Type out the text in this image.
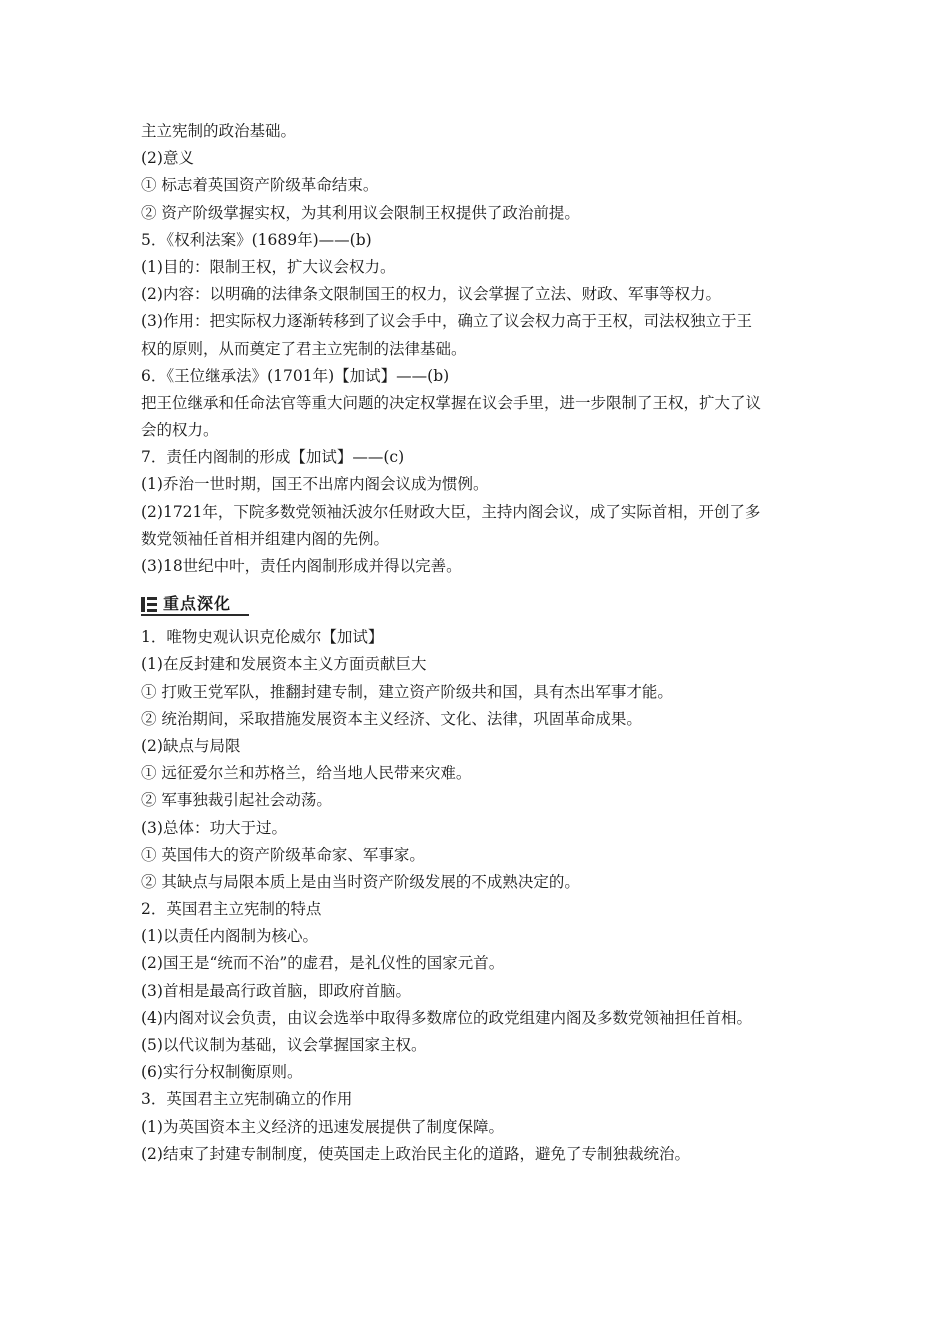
主立宪制的政治基础。
(2)意义
① 标志着英国资产阶级革命结束。
② 资产阶级掌握实权，为其利用议会限制王权提供了政治前提。
5．《权利法案》(1689年)——(b)
(1)目的：限制王权，扩大议会权力。
(2)内容：以明确的法律条文限制国王的权力，议会掌握了立法、财政、军事等权力。
(3)作用：把实际权力逐渐转移到了议会手中，确立了议会权力高于王权，司法权独立于王
权的原则，从而奠定了君主立宪制的法律基础。
6．《王位继承法》(1701年)【加试】——(b)
把王位继承和任命法官等重大问题的决定权掌握在议会手里，进一步限制了王权，扩大了议
会的权力。
7．责任内阁制的形成【加试】——(c)
(1)乔治一世时期，国王不出席内阁会议成为惯例。
(2)1721年，下院多数党领袖沃波尔任财政大臣，主持内阁会议，成了实际首相，开创了多
数党领袖任首相并组建内阁的先例。
(3)18世纪中叶，责任内阁制形成并得以完善。
重点深化
1．唯物史观认识克伦威尔【加试】
(1)在反封建和发展资本主义方面贡献巨大
① 打败王党军队，推翻封建专制，建立资产阶级共和国，具有杰出军事才能。
② 统治期间，采取措施发展资本主义经济、文化、法律，巩固革命成果。
(2)缺点与局限
① 远征爱尔兰和苏格兰，给当地人民带来灾难。
② 军事独裁引起社会动荡。
(3)总体：功大于过。
① 英国伟大的资产阶级革命家、军事家。
② 其缺点与局限本质上是由当时资产阶级发展的不成熟决定的。
2．英国君主立宪制的特点
(1)以责任内阁制为核心。
(2)国王是“统而不治”的虚君，是礼仪性的国家元首。
(3)首相是最高行政首脑，即政府首脑。
(4)内阁对议会负责，由议会选举中取得多数席位的政党组建内阁及多数党领袖担任首相。
(5)以代议制为基础，议会掌握国家主权。
(6)实行分权制衡原则。
3．英国君主立宪制确立的作用
(1)为英国资本主义经济的迅速发展提供了制度保障。
(2)结束了封建专制制度，使英国走上政治民主化的道路，避免了专制独裁统治。
